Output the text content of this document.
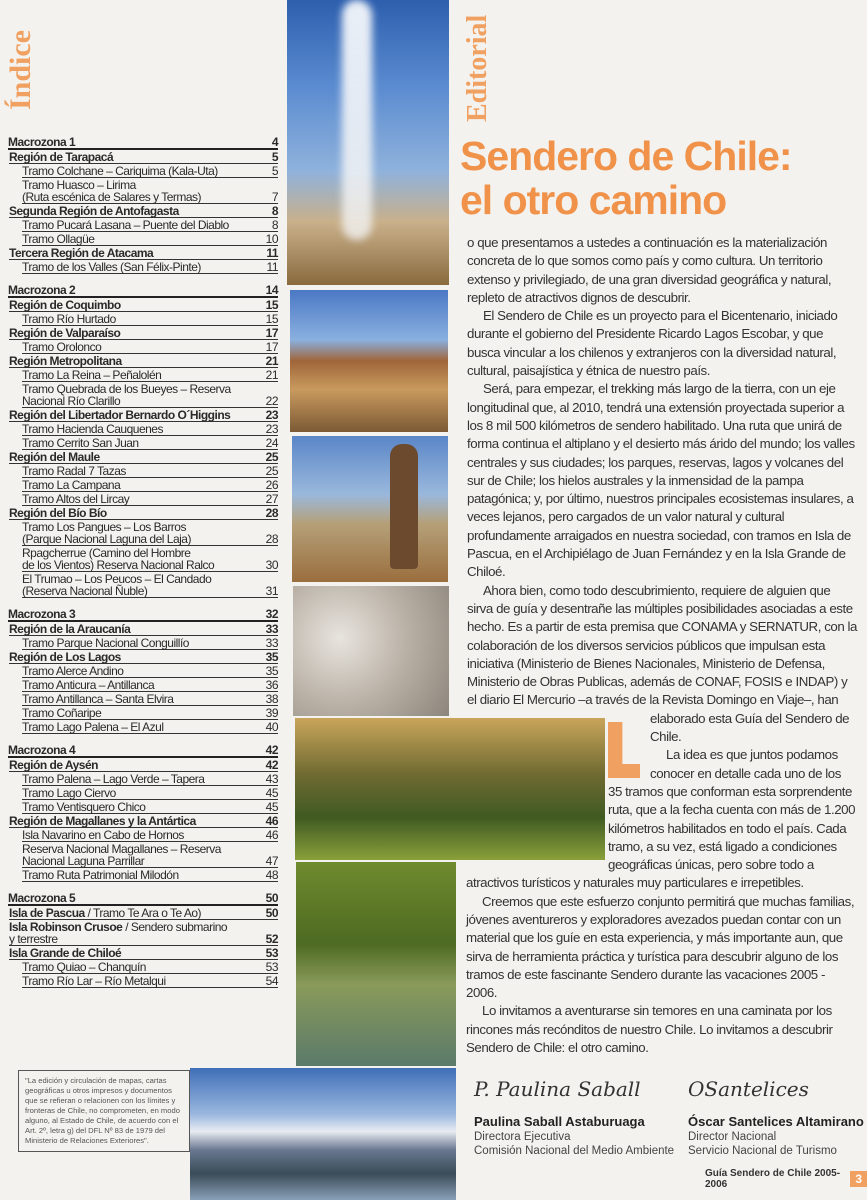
Índice
Macrozona 1	4
Región de Tarapacá	5
Tramo Colchane – Cariquima (Kala-Uta)	5
Tramo Huasco – Lirima
(Ruta escénica de Salares y Termas)	7
Segunda Región de Antofagasta	8
Tramo Pucará Lasana – Puente del Diablo	8
Tramo Ollagüe	10
Tercera Región de Atacama	11
Tramo de los Valles (San Félix-Pinte)	11
Macrozona 2	14
Región de Coquimbo	15
Tramo Río Hurtado	15
Región de Valparaíso	17
Tramo Orolonco	17
Región Metropolitana	21
Tramo La Reina – Peñalolén	21
Tramo Quebrada de los Bueyes – Reserva
Nacional Río Clarillo	22
Región del Libertador Bernardo O´Higgins	23
Tramo Hacienda Cauquenes	23
Tramo Cerrito San Juan	24
Región del Maule	25
Tramo Radal 7 Tazas	25
Tramo La Campana	26
Tramo Altos del Lircay	27
Región del Bío Bío	28
Tramo Los Pangues – Los Barros
(Parque Nacional Laguna del Laja)	28
Rpagcherrue (Camino del Hombre
de los Vientos) Reserva Nacional Ralco	30
El Trumao – Los Peucos – El Candado
(Reserva Nacional Ñuble)	31
Macrozona 3	32
Región de la Araucanía	33
Tramo Parque Nacional Conguillío	33
Región de Los Lagos	35
Tramo Alerce Andino	35
Tramo Anticura – Antillanca	36
Tramo Antillanca – Santa Elvira	38
Tramo Coñaripe	39
Tramo Lago Palena – El Azul	40
Macrozona 4	42
Región de Aysén	42
Tramo Palena – Lago Verde – Tapera	43
Tramo Lago Ciervo	45
Tramo Ventisquero Chico	45
Región de Magallanes y la Antártica	46
Isla Navarino en Cabo de Hornos	46
Reserva Nacional Magallanes – Reserva
Nacional Laguna Parrillar	47
Tramo Ruta Patrimonial Milodón	48
Macrozona 5	50
Isla de Pascua / Tramo Te Ara o Te Ao)	50
Isla Robinson Crusoe / Sendero submarino
y terrestre	52
Isla Grande de Chiloé	53
Tramo Quiao – Chanquín	53
Tramo Río Lar – Río Metalqui	54
"La edición y circulación de mapas, cartas geográficas u otros impresos y documentos que se refieran o relacionen con los límites y fronteras de Chile, no comprometen, en modo alguno, al Estado de Chile, de acuerdo con el Art. 2º, letra g) del DFL Nº 83 de 1979 del Ministerio de Relaciones Exteriores".
Editorial
Sendero de Chile:
el otro camino

o que presentamos a ustedes a continuación es la materialización concreta de lo que somos como país y como cultura. Un territorio extenso y privilegiado, de una gran diversidad geográfica y natural, repleto de atractivos dignos de descubrir.

El Sendero de Chile es un proyecto para el Bicentenario, iniciado durante el gobierno del Presidente Ricardo Lagos Escobar, y que busca vincular a los chilenos y extranjeros con la diversidad natural, cultural, paisajística y étnica de nuestro país.

Será, para empezar, el trekking más largo de la tierra, con un eje longitudinal que, al 2010, tendrá una extensión proyectada superior a los 8 mil 500 kilómetros de sendero habilitado. Una ruta que unirá de forma continua el altiplano y el desierto más árido del mundo; los valles centrales y sus ciudades; los parques, reservas, lagos y volcanes del sur de Chile; los hielos australes y la inmensidad de la pampa patagónica; y, por último, nuestros principales ecosistemas insulares, a veces lejanos, pero cargados de un valor natural y cultural profundamente arraigados en nuestra sociedad, con tramos en Isla de Pascua, en el Archipiélago de Juan Fernández y en la Isla Grande de Chiloé.

Ahora bien, como todo descubrimiento, requiere de alguien que sirva de guía y desentrañe las múltiples posibilidades asociadas a este hecho. Es a partir de esta premisa que CONAMA y SERNATUR, con la colaboración de los diversos servicios públicos que impulsan esta iniciativa (Ministerio de Bienes Nacionales, Ministerio de Defensa, Ministerio de Obras Publicas, además de CONAF, FOSIS e INDAP) y el diario El Mercurio –a través de la Revista Domingo en Viaje–, han elaborado esta Guía del Sendero de Chile.

La idea es que juntos podamos conocer en detalle cada uno de los 35 tramos que conforman esta sorprendente ruta, que a la fecha cuenta con más de 1.200 kilómetros habilitados en todo el país. Cada tramo, a su vez, está ligado a condiciones geográficas únicas, pero sobre todo a atractivos turísticos y naturales muy particulares e irrepetibles.

Creemos que este esfuerzo conjunto permitirá que muchas familias, jóvenes aventureros y exploradores avezados puedan contar con un material que los guíe en esta experiencia, y más importante aun, que sirva de herramienta práctica y turística para descubrir alguno de los tramos de este fascinante Sendero durante las vacaciones 2005 - 2006.

Lo invitamos a aventurarse sin temores en una caminata por los rincones más recónditos de nuestro Chile. Lo invitamos a descubrir Sendero de Chile: el otro camino.

P. Paulina Saball
Paulina Saball Astaburuaga
Directora Ejecutiva
Comisión Nacional del Medio Ambiente
OSantelices
Óscar Santelices Altamirano
Director Nacional
Servicio Nacional de Turismo
Guía Sendero de Chile 2005-2006	3
